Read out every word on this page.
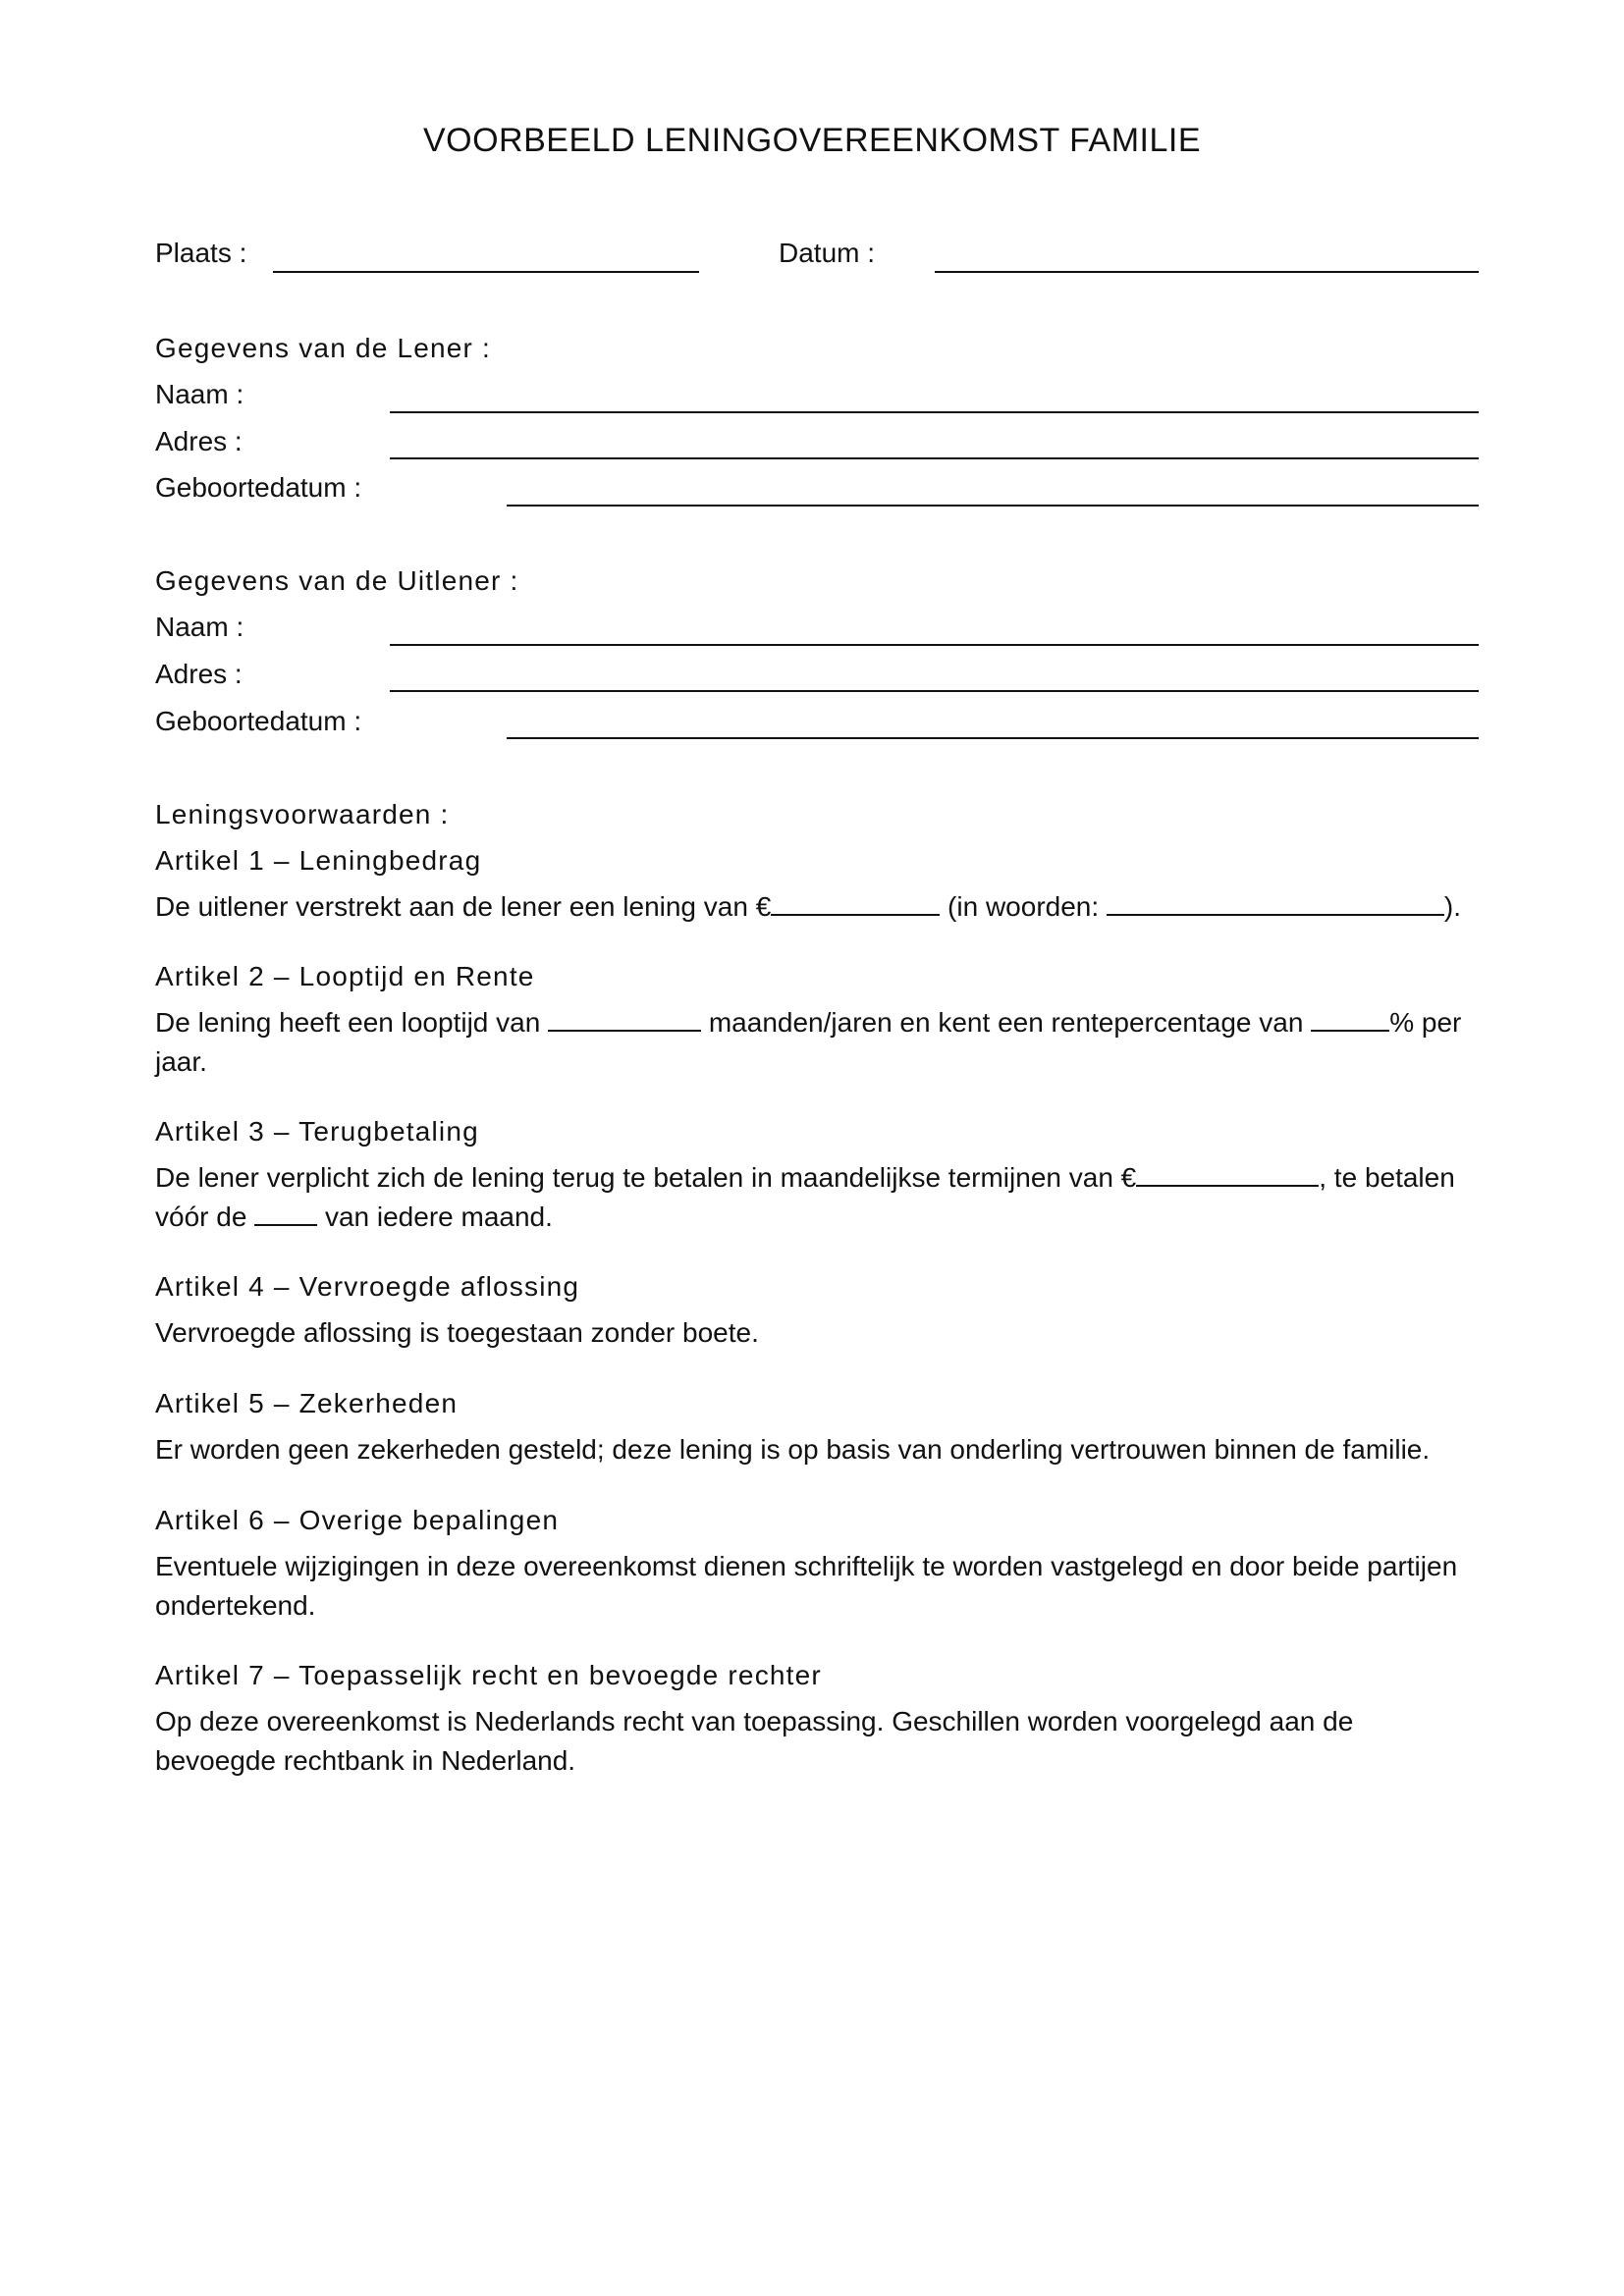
VOORBEELD LENINGOVEREENKOMST FAMILIE
Plaats :	Datum :
Gegevens van de Lener :
Naam :
Adres :
Geboortedatum :
Gegevens van de Uitlener :
Naam :
Adres :
Geboortedatum :
Leningsvoorwaarden :
Artikel 1 – Leningbedrag
De uitlener verstrekt aan de lener een lening van €	(in woorden:	).
Artikel 2 – Looptijd en Rente
De lening heeft een looptijd van	maanden/jaren en kent een rentepercentage van	% per jaar.
Artikel 3 – Terugbetaling
De lener verplicht zich de lening terug te betalen in maandelijkse termijnen van €	, te betalen vóór de  van iedere maand.
Artikel 4 – Vervroegde aflossing
Vervroegde aflossing is toegestaan zonder boete.
Artikel 5 – Zekerheden
Er worden geen zekerheden gesteld; deze lening is op basis van onderling vertrouwen binnen de familie.
Artikel 6 – Overige bepalingen
Eventuele wijzigingen in deze overeenkomst dienen schriftelijk te worden vastgelegd en door beide partijen ondertekend.
Artikel 7 – Toepasselijk recht en bevoegde rechter
Op deze overeenkomst is Nederlands recht van toepassing. Geschillen worden voorgelegd aan de bevoegde rechtbank in Nederland.
